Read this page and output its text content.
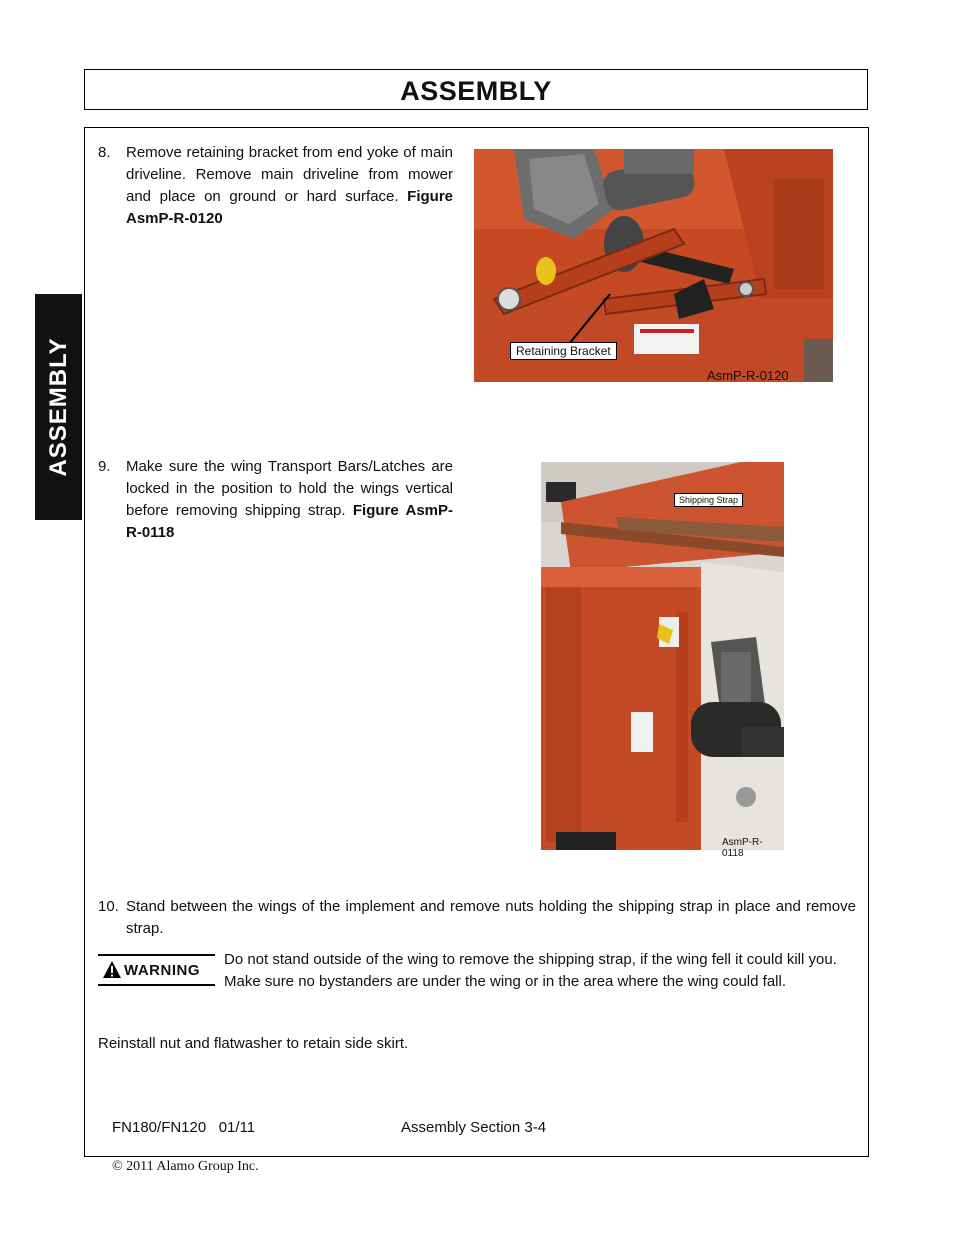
ASSEMBLY
ASSEMBLY
8. Remove retaining bracket from end yoke of main driveline. Remove main driveline from mower and place on ground or hard surface. Figure AsmP-R-0120
Retaining Bracket
AsmP-R-0120
9. Make sure the wing Transport Bars/Latches are locked in the position to hold the wings vertical before removing shipping strap. Figure AsmP-R-0118
Shipping Strap
AsmP-R-0118
10. Stand between the wings of the implement and remove nuts holding the shipping strap in place and remove strap.
WARNING
Do not stand outside of the wing to remove the shipping strap, if the wing fell it could kill you. Make sure no bystanders are under the wing or in the area where the wing could fall.
Reinstall nut and flatwasher to retain side skirt.
FN180/FN120   01/11	Assembly Section 3-4
© 2011 Alamo Group Inc.
